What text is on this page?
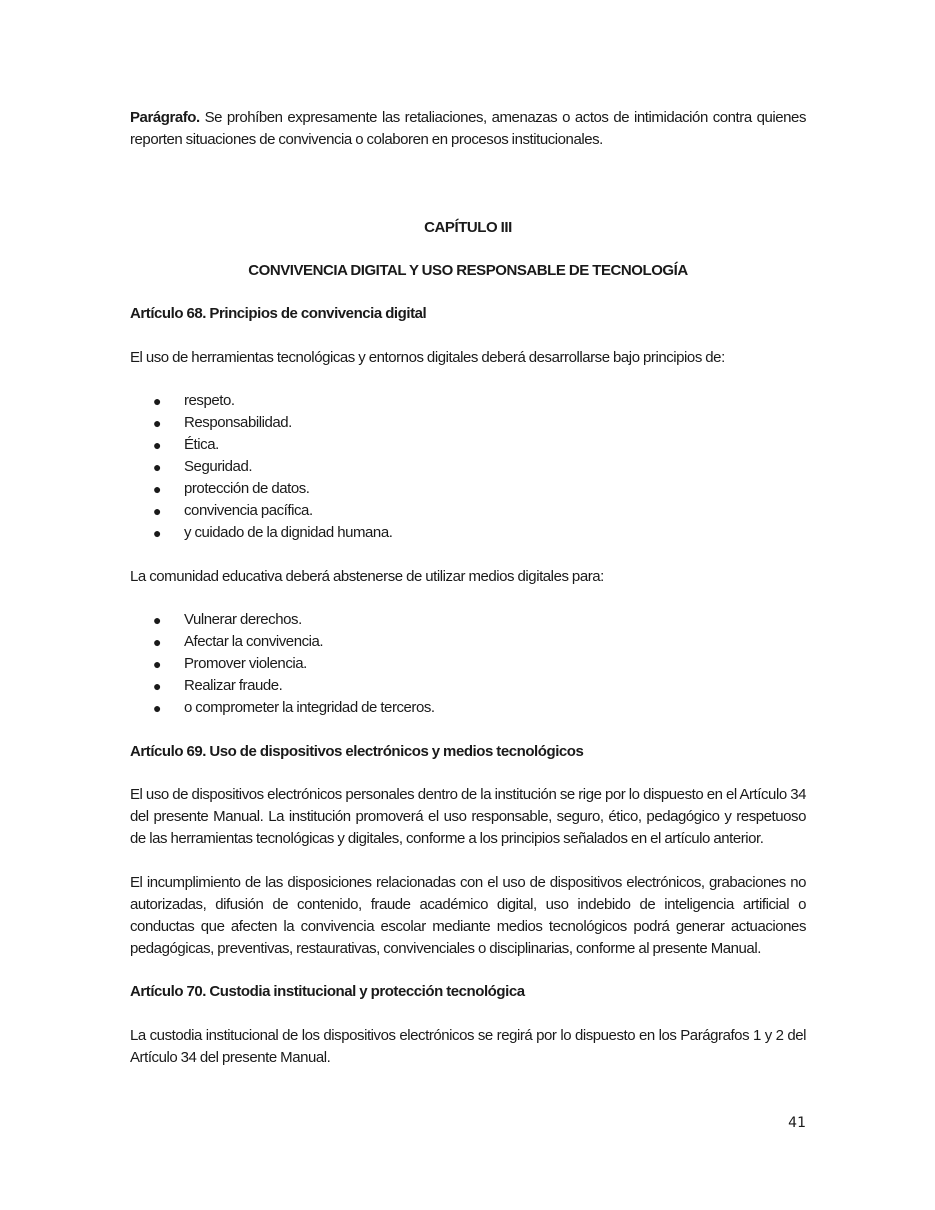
Parágrafo. Se prohíben expresamente las retaliaciones, amenazas o actos de intimidación contra quienes reporten situaciones de convivencia o colaboren en procesos institucionales.

CAPÍTULO III

CONVIVENCIA DIGITAL Y USO RESPONSABLE DE TECNOLOGÍA

Artículo 68. Principios de convivencia digital

El uso de herramientas tecnológicas y entornos digitales deberá desarrollarse bajo principios de:

● respeto.
● Responsabilidad.
● Ética.
● Seguridad.
● protección de datos.
● convivencia pacífica.
● y cuidado de la dignidad humana.

La comunidad educativa deberá abstenerse de utilizar medios digitales para:

● Vulnerar derechos.
● Afectar la convivencia.
● Promover violencia.
● Realizar fraude.
● o comprometer la integridad de terceros.

Artículo 69. Uso de dispositivos electrónicos y medios tecnológicos

El uso de dispositivos electrónicos personales dentro de la institución se rige por lo dispuesto en el Artículo 34 del presente Manual. La institución promoverá el uso responsable, seguro, ético, pedagógico y respetuoso de las herramientas tecnológicas y digitales, conforme a los principios señalados en el artículo anterior.

El incumplimiento de las disposiciones relacionadas con el uso de dispositivos electrónicos, grabaciones no autorizadas, difusión de contenido, fraude académico digital, uso indebido de inteligencia artificial o conductas que afecten la convivencia escolar mediante medios tecnológicos podrá generar actuaciones pedagógicas, preventivas, restaurativas, convivenciales o disciplinarias, conforme al presente Manual.

Artículo 70. Custodia institucional y protección tecnológica

La custodia institucional de los dispositivos electrónicos se regirá por lo dispuesto en los Parágrafos 1 y 2 del Artículo 34 del presente Manual.

41
